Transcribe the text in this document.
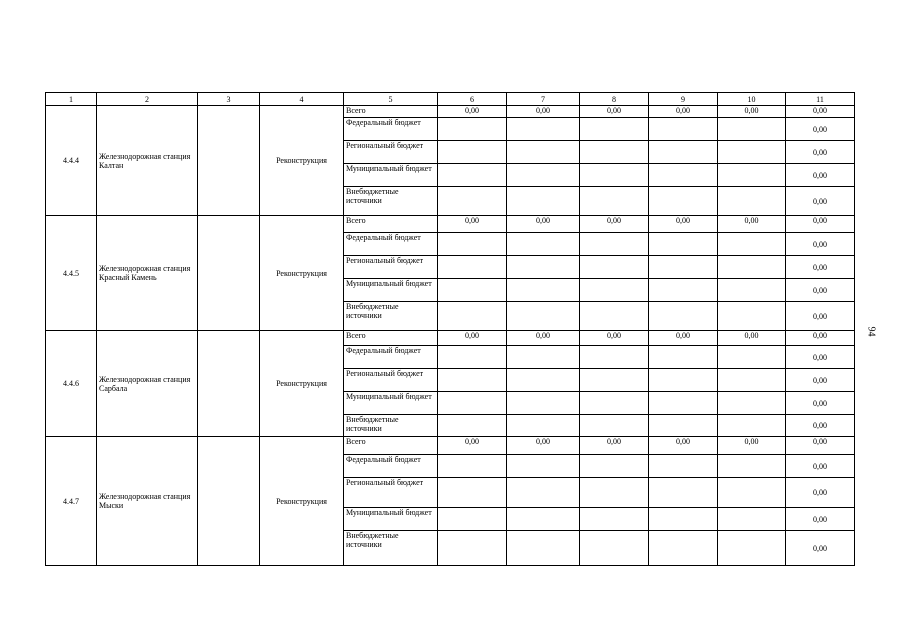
1	2	3	4	5	6	7	8	9	10	11
4.4.4	Железнодорожная станция Калтан		Реконструкция	Всего	0,00	0,00	0,00	0,00	0,00	0,00
				Федеральный бюджет						0,00
				Региональный бюджет						0,00
				Муниципальный бюджет						0,00
				Внебюджетные источники						0,00
4.4.5	Железнодорожная станция Красный Камень		Реконструкция	Всего	0,00	0,00	0,00	0,00	0,00	0,00
				Федеральный бюджет						0,00
				Региональный бюджет						0,00
				Муниципальный бюджет						0,00
				Внебюджетные источники						0,00
4.4.6	Железнодорожная станция Сарбала		Реконструкция	Всего	0,00	0,00	0,00	0,00	0,00	0,00
				Федеральный бюджет						0,00
				Региональный бюджет						0,00
				Муниципальный бюджет						0,00
				Внебюджетные источники						0,00
4.4.7	Железнодорожная станция Мыски		Реконструкция	Всего	0,00	0,00	0,00	0,00	0,00	0,00
				Федеральный бюджет						0,00
				Региональный бюджет						0,00
				Муниципальный бюджет						0,00
				Внебюджетные источники						0,00
94
